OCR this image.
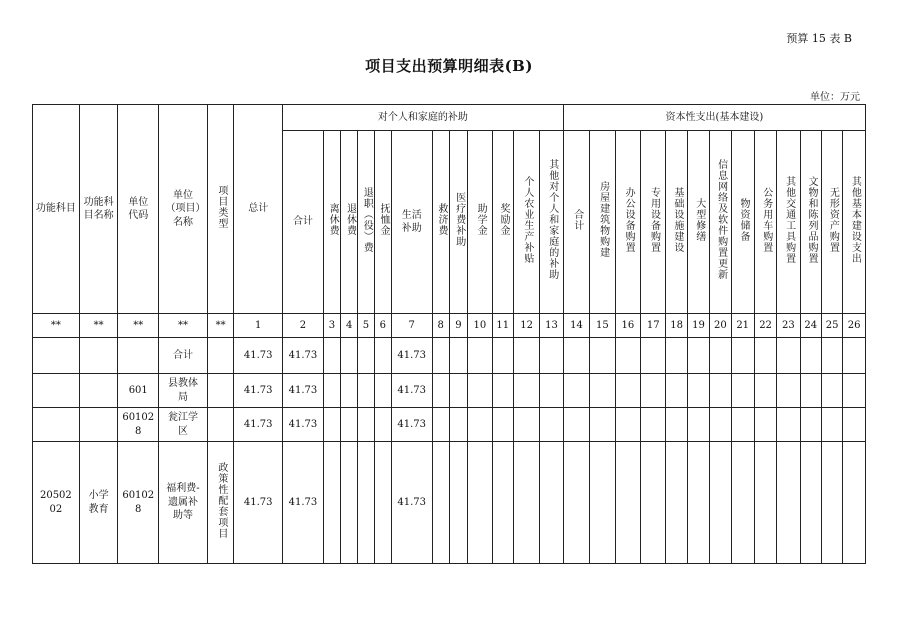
预算 15 表 B
项目支出预算明细表(B)
单位：万元
功能科目	功能科目名称	单位代码	单位（项目）名称	项目类型	总计	对个人和家庭的补助												资本性支出(基本建设)												
						合计	离休费	退休费	退职（役）费	抚恤金	生活补助	救济费	医疗费补助	助学金	奖励金	个人农业生产补贴	其他对个人和家庭的补助	合计	房屋建筑物购建	办公设备购置	专用设备购置	基础设施建设	大型修缮	信息网络及软件购置更新	物资储备	公务用车购置	其他交通工具购置	文物和陈列品购置	无形资产购置	其他基本建设支出
**	**	**	**	**	1	2	3	4	5	6	7	8	9	10	11	12	13	14	15	16	17	18	19	20	21	22	23	24	25	26
			合计		41.73	41.73					41.73																			
		601	县教体局		41.73	41.73					41.73																			
		601028	瓮江学区		41.73	41.73					41.73																			
2050202	小学教育	601028	福利费-遗属补助等	政策性配套项目	41.73	41.73					41.73																			
